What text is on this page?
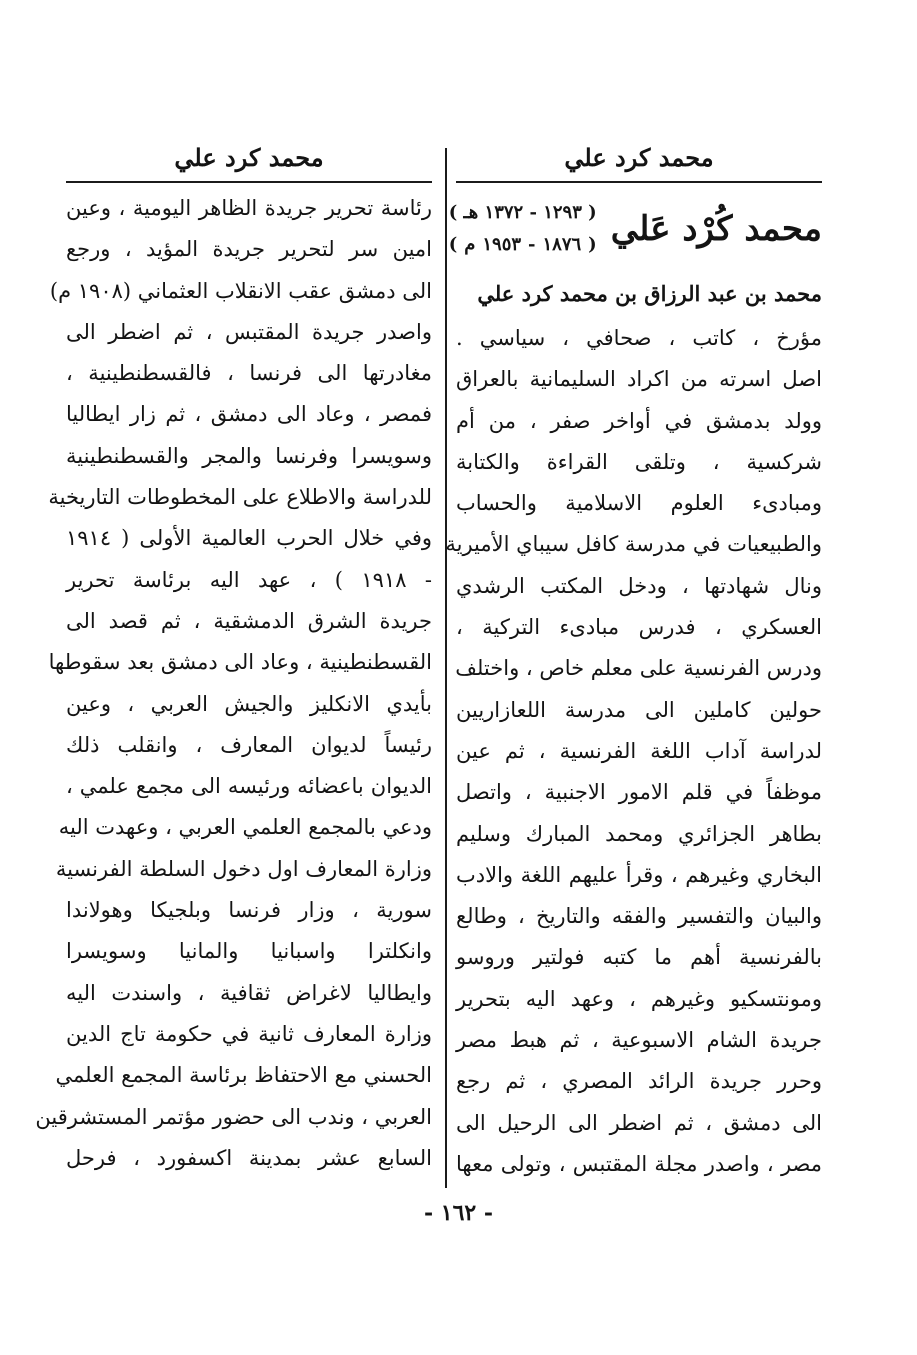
محمد كرد علي
محمد كرد علي
محمد كُرْد عَلي
( ١٢٩٣ - ١٣٧٢ هـ )
( ١٨٧٦ - ١٩٥٣ م )
محمد بن عبد الرزاق بن محمد كرد علي
مؤرخ ، كاتب ، صحافي ، سياسي .
اصل اسرته من اكراد السليمانية بالعراق
وولد بدمشق في أواخر صفر ، من أم
شركسية ، وتلقى القراءة والكتابة
ومبادىء العلوم الاسلامية والحساب
والطبيعيات في مدرسة كافل سيباي الأميرية
ونال شهادتها ، ودخل المكتب الرشدي
العسكري ، فدرس مبادىء التركية ،
ودرس الفرنسية على معلم خاص ، واختلف
حولين كاملين الى مدرسة اللعازاريين
لدراسة آداب اللغة الفرنسية ، ثم عين
موظفاً في قلم الامور الاجنبية ، واتصل
بطاهر الجزائري ومحمد المبارك وسليم
البخاري وغيرهم ، وقرأ عليهم اللغة والادب
والبيان والتفسير والفقه والتاريخ ، وطالع
بالفرنسية أهم ما كتبه فولتير وروسو
ومونتسكيو وغيرهم ، وعهد اليه بتحرير
جريدة الشام الاسبوعية ، ثم هبط مصر
وحرر جريدة الرائد المصري ، ثم رجع
الى دمشق ، ثم اضطر الى الرحيل الى
مصر ، واصدر مجلة المقتبس ، وتولى معها
رئاسة تحرير جريدة الظاهر اليومية ، وعين
امين سر لتحرير جريدة المؤيد ، ورجع
الى دمشق عقب الانقلاب العثماني (١٩٠٨ م)
واصدر جريدة المقتبس ، ثم اضطر الى
مغادرتها الى فرنسا ، فالقسطنطينية ،
فمصر ، وعاد الى دمشق ، ثم زار ايطاليا
وسويسرا وفرنسا والمجر والقسطنطينية
للدراسة والاطلاع على المخطوطات التاريخية
وفي خلال الحرب العالمية الأولى ( ١٩١٤
- ١٩١٨ ) ، عهد اليه برئاسة تحرير
جريدة الشرق الدمشقية ، ثم قصد الى
القسطنطينية ، وعاد الى دمشق بعد سقوطها
بأيدي الانكليز والجيش العربي ، وعين
رئيساً لديوان المعارف ، وانقلب ذلك
الديوان باعضائه ورئيسه الى مجمع علمي ،
ودعي بالمجمع العلمي العربي ، وعهدت اليه
وزارة المعارف اول دخول السلطة الفرنسية
سورية ، وزار فرنسا وبلجيكا وهولاندا
وانكلترا واسبانيا والمانيا وسويسرا
وايطاليا لاغراض ثقافية ، واسندت اليه
وزارة المعارف ثانية في حكومة تاج الدين
الحسني مع الاحتفاظ برئاسة المجمع العلمي
العربي ، وندب الى حضور مؤتمر المستشرقين
السابع عشر بمدينة اكسفورد ، فرحل
- ١٦٢ -
